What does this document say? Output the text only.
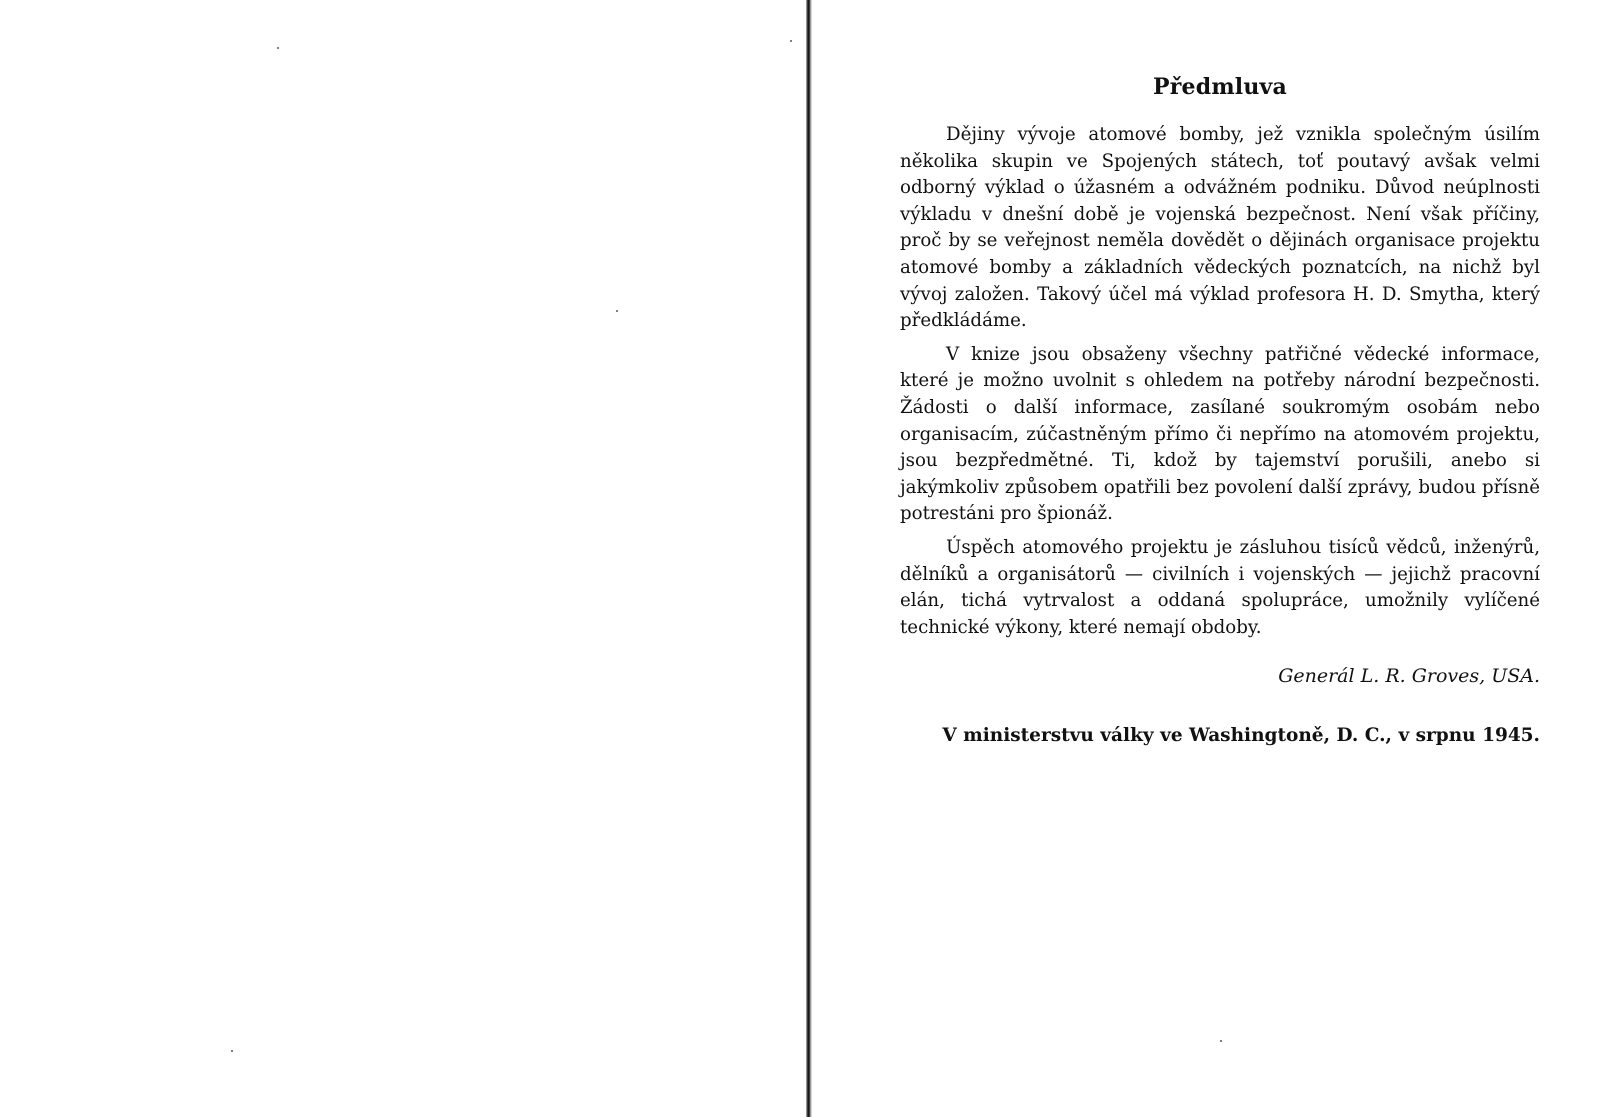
Předmluva

Dějiny vývoje atomové bomby, jež vznikla společným úsilím několika skupin ve Spojených státech, toť poutavý avšak velmi odborný výklad o úžasném a odvážném podniku. Důvod neúplnosti výkladu v dnešní době je vojenská bezpečnost. Není však příčiny, proč by se veřejnost neměla dovědět o dějinách organisace projektu atomové bomby a základních vědeckých poznatcích, na nichž byl vývoj založen. Takový účel má výklad profesora H. D. Smytha, který předkládáme.

V knize jsou obsaženy všechny patřičné vědecké informace, které je možno uvolnit s ohledem na potřeby národní bezpečnosti. Žádosti o další informace, zasílané soukromým osobám nebo organisacím, zúčastněným přímo či nepřímo na atomovém projektu, jsou bezpředmětné. Ti, kdož by tajemství porušili, anebo si jakýmkoliv způsobem opatřili bez povolení další zprávy, budou přísně potrestáni pro špionáž.

Úspěch atomového projektu je zásluhou tisíců vědců, inženýrů, dělníků a organisátorů — civilních i vojenských — jejichž pracovní elán, tichá vytrvalost a oddaná spolupráce, umožnily vylíčené technické výkony, které nemají obdoby.

Generál L. R. Groves, USA.
V ministerstvu války ve Washingtoně, D. C., v srpnu 1945.
